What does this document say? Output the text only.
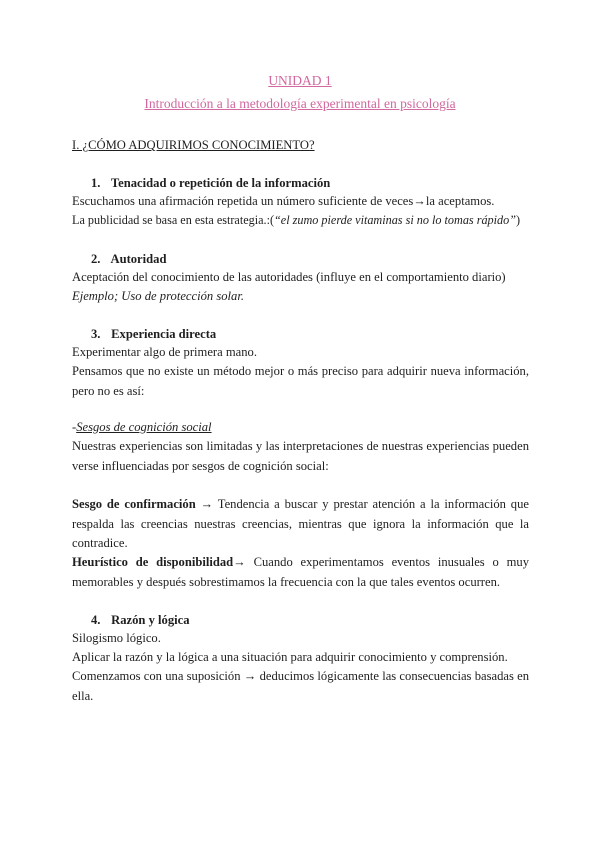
UNIDAD 1
Introducción a la metodología experimental en psicología
I. ¿CÓMO ADQUIRIMOS CONOCIMIENTO?
1. Tenacidad o repetición de la información
Escuchamos una afirmación repetida un número suficiente de veces→la aceptamos.
La publicidad se basa en esta estrategia.:(“el zumo pierde vitaminas si no lo tomas rápido”)
2. Autoridad
Aceptación del conocimiento de las autoridades (influye en el comportamiento diario)
Ejemplo; Uso de protección solar.
3. Experiencia directa
Experimentar algo de primera mano.
Pensamos que no existe un método mejor o más preciso para adquirir nueva información, pero no es así:
-Sesgos de cognición social
Nuestras experiencias son limitadas y las interpretaciones de nuestras experiencias pueden verse influenciadas por sesgos de cognición social:
Sesgo de confirmación → Tendencia a buscar y prestar atención a la información que respalda las creencias nuestras creencias, mientras que ignora la información que la contradice.
Heurístico de disponibilidad→ Cuando experimentamos eventos inusuales o muy memorables y después sobrestimamos la frecuencia con la que tales eventos ocurren.
4. Razón y lógica
Silogismo lógico.
Aplicar la razón y la lógica a una situación para adquirir conocimiento y comprensión.
Comenzamos con una suposición → deducimos lógicamente las consecuencias basadas en ella.
